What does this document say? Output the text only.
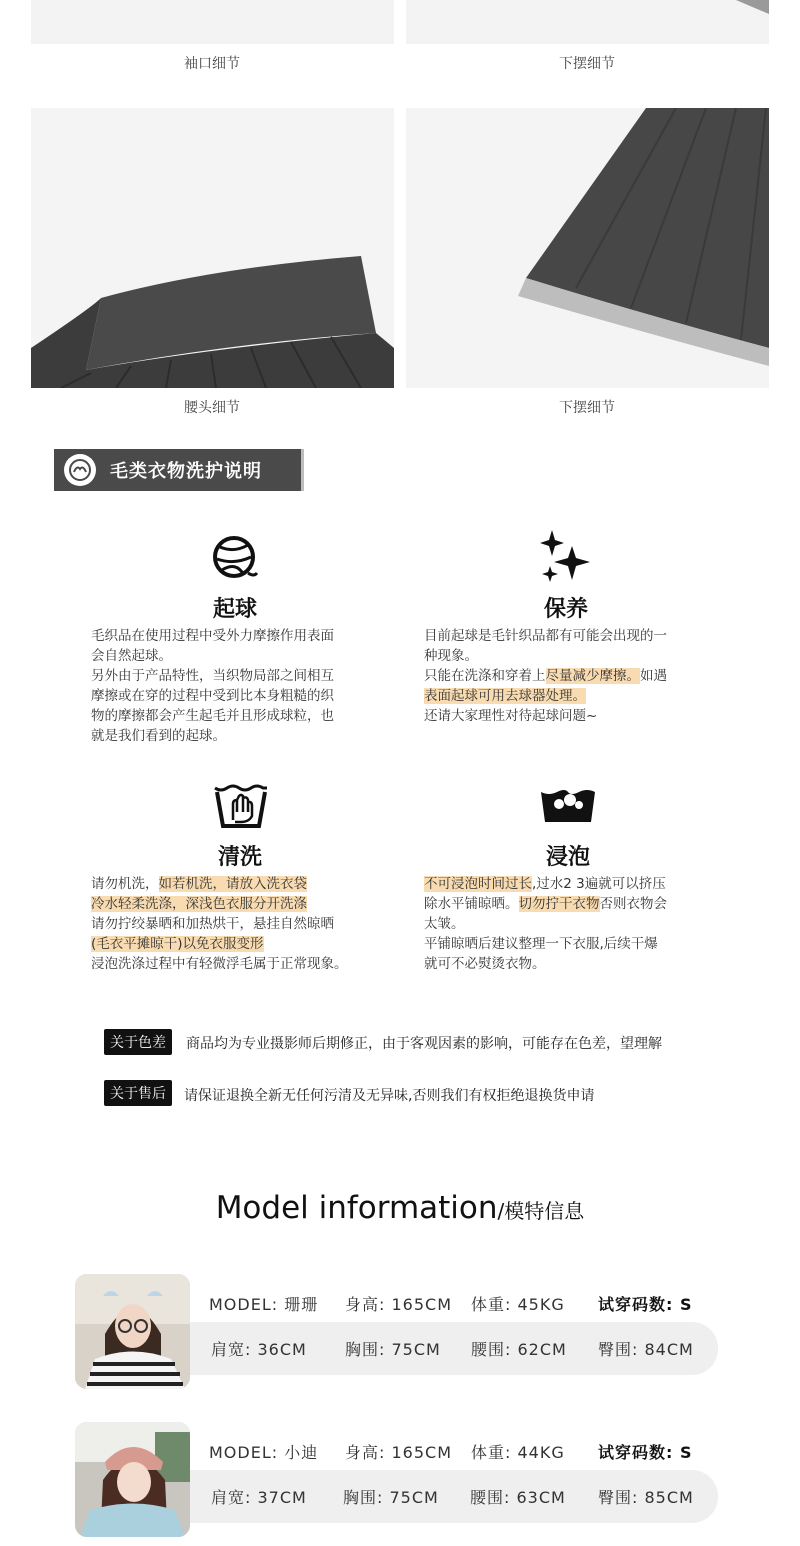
袖口细节	下摆细节
腰头细节	下摆细节
毛类衣物洗护说明
起球

毛织品在使用过程中受外力摩擦作用表面

会自然起球。

另外由于产品特性，当织物局部之间相互

摩擦或在穿的过程中受到比本身粗糙的织

物的摩擦都会产生起毛并且形成球粒，也

就是我们看到的起球。

保养

目前起球是毛针织品都有可能会出现的一

种现象。

只能在洗涤和穿着上尽量减少摩擦。如遇

表面起球可用去球器处理。

还请大家理性对待起球问题~

清洗

请勿机洗，如若机洗，请放入洗衣袋

冷水轻柔洗涤，深浅色衣服分开洗涤

请勿拧绞暴晒和加热烘干，悬挂自然晾晒

(毛衣平摊晾干)以免衣服变形

浸泡洗涤过程中有轻微浮毛属于正常现象。

浸泡

不可浸泡时间过长,过水2 3遍就可以挤压

除水平铺晾晒。切勿拧干衣物否则衣物会

太皱。

平铺晾晒后建议整理一下衣服,后续干爆

就可不必熨烫衣物。

关于色差	商品均为专业摄影师后期修正，由于客观因素的影响，可能存在色差，望理解
关于售后	请保证退换全新无任何污清及无异味,否则我们有权拒绝退换货申请
Model information/模特信息
MODEL: 珊珊 身高: 165CM 体重: 45KG 试穿码数: S
肩宽: 36CM 胸围: 75CM 腰围: 62CM 臀围: 84CM
MODEL: 小迪 身高: 165CM 体重: 44KG 试穿码数: S
肩宽: 37CM 胸围: 75CM 腰围: 63CM 臀围: 85CM
